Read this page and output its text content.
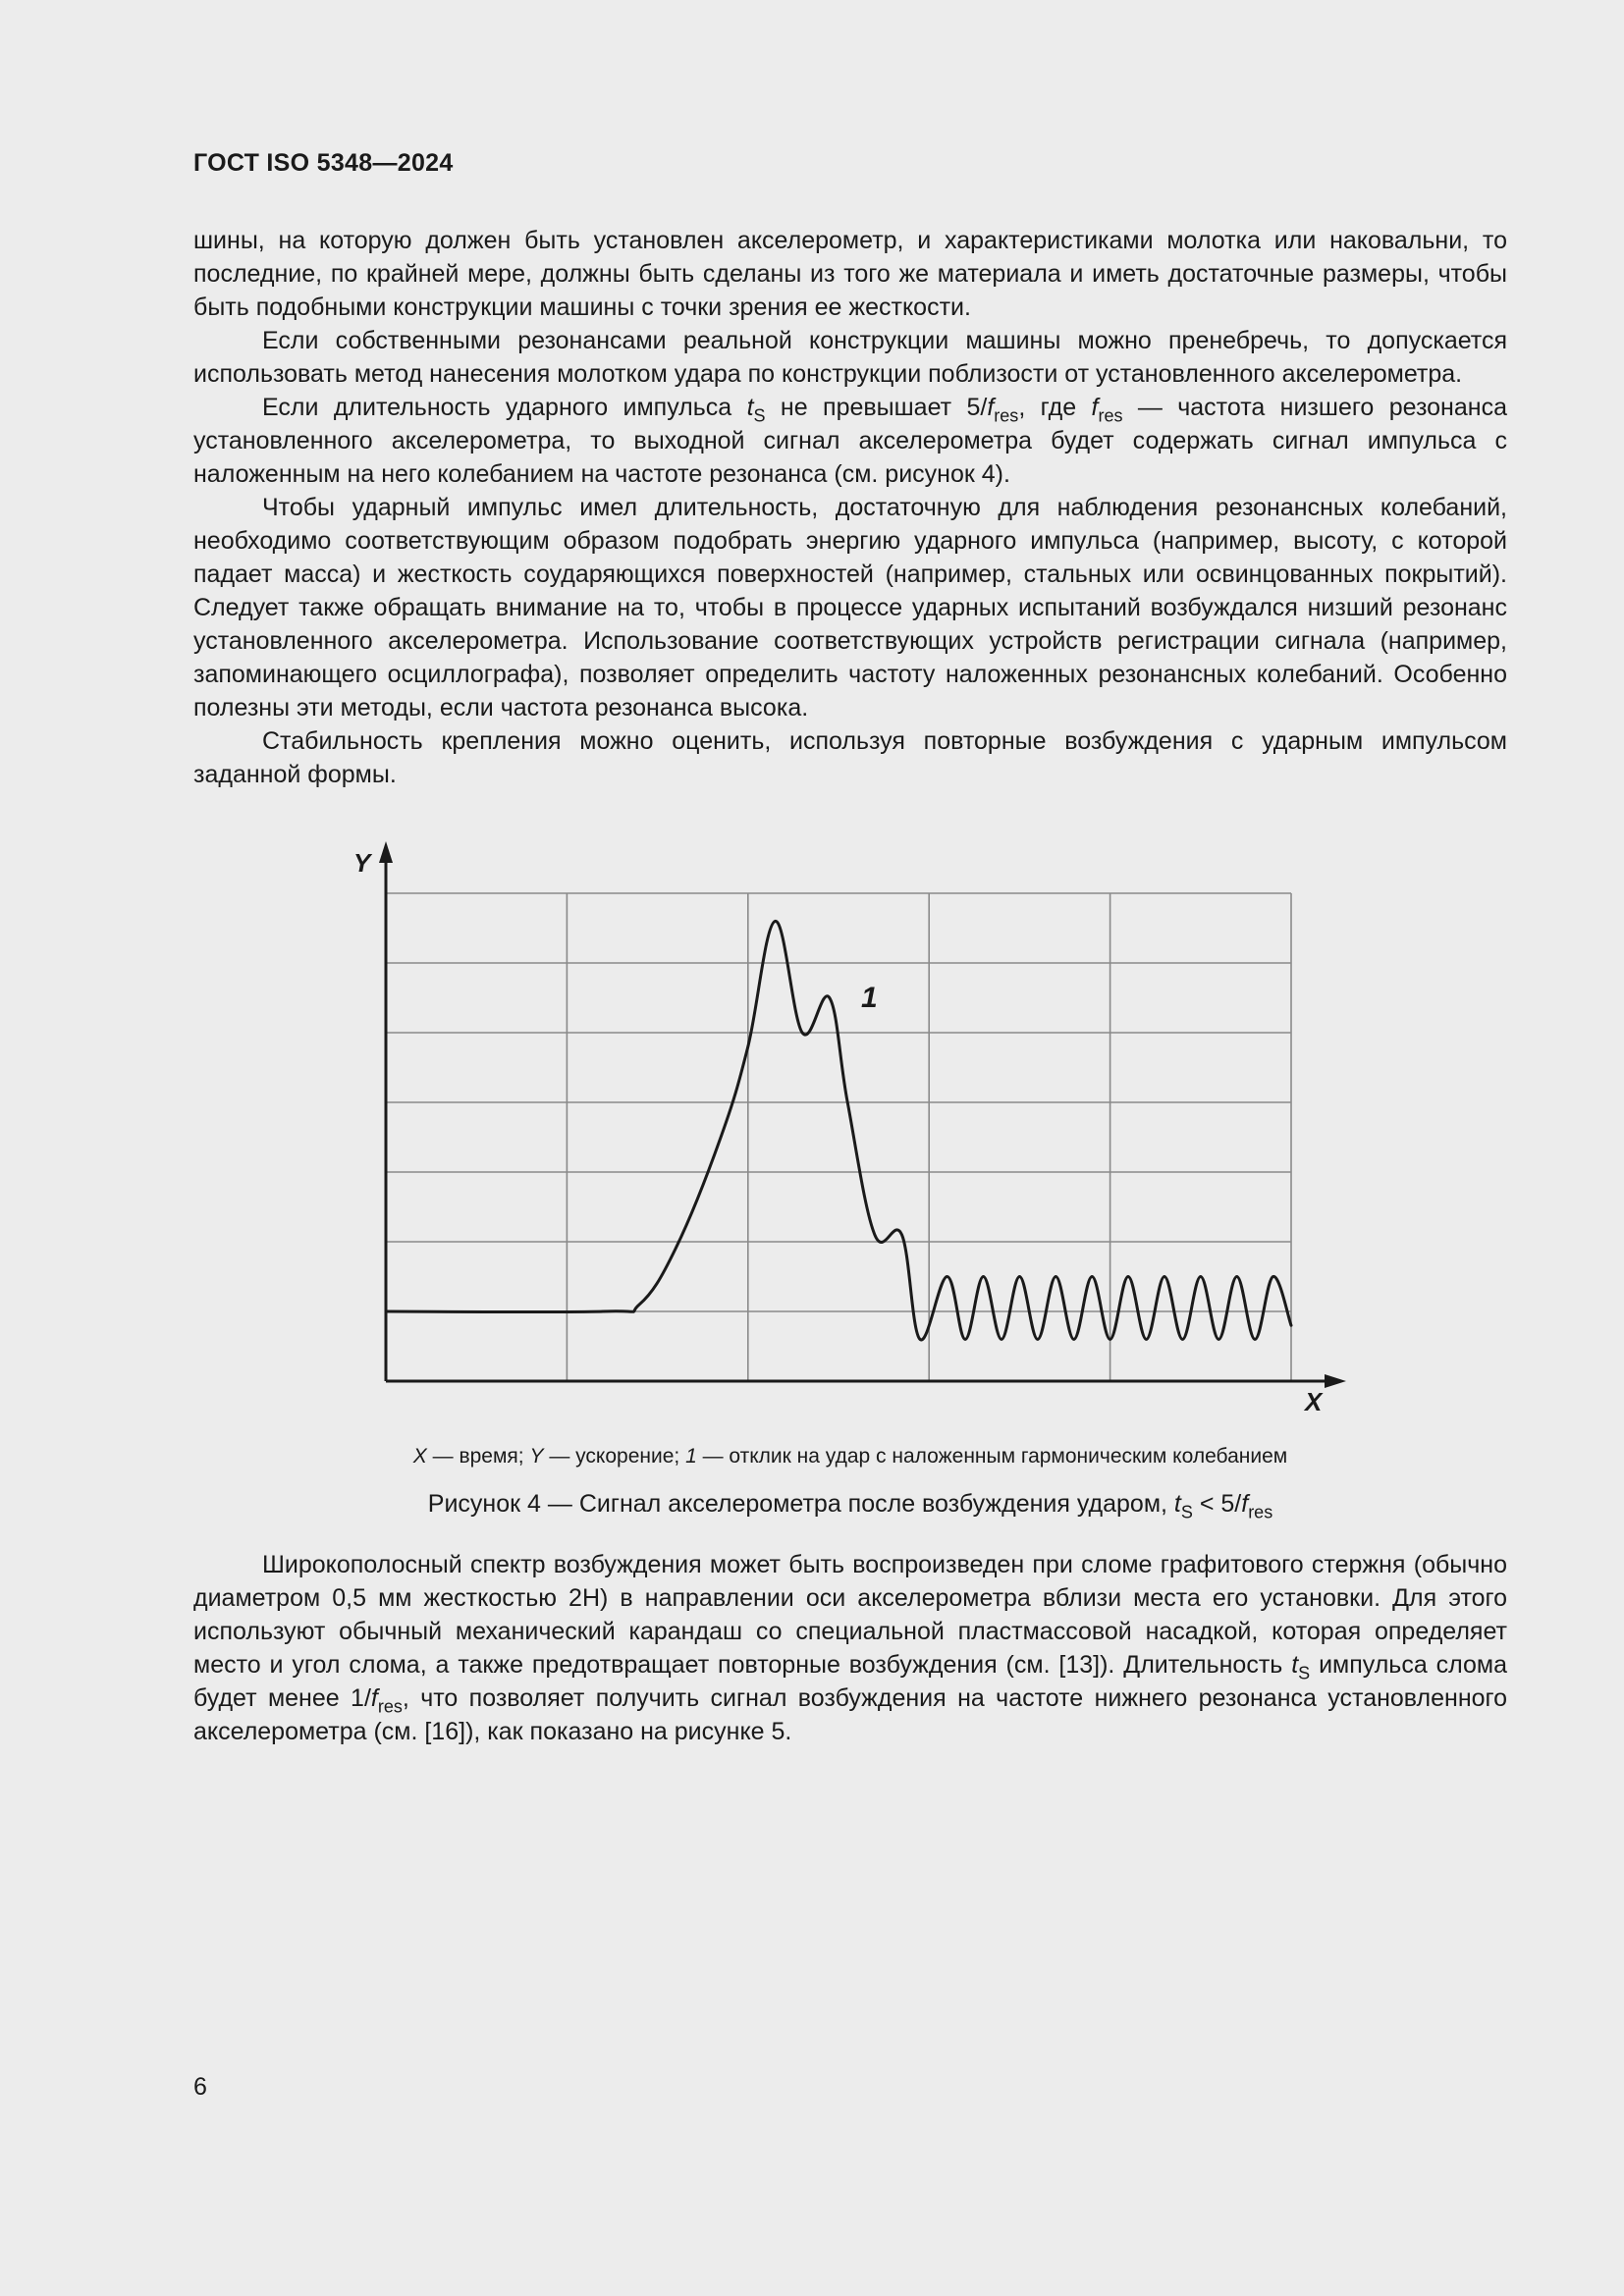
ГОСТ ISO 5348—2024

шины, на которую должен быть установлен акселерометр, и характеристиками молотка или наковальни, то последние, по крайней мере, должны быть сделаны из того же материала и иметь достаточные размеры, чтобы быть подобными конструкции машины с точки зрения ее жесткости.

Если собственными резонансами реальной конструкции машины можно пренебречь, то допускается использовать метод нанесения молотком удара по конструкции поблизости от установленного акселерометра.

Если длительность ударного импульса $t_S$ не превышает $5/f_{res}$, где $f_{res}$ — частота низшего резонанса установленного акселерометра, то выходной сигнал акселерометра будет содержать сигнал импульса с наложенным на него колебанием на частоте резонанса (см. рисунок 4).

Чтобы ударный импульс имел длительность, достаточную для наблюдения резонансных колебаний, необходимо соответствующим образом подобрать энергию ударного импульса (например, высоту, с которой падает масса) и жесткость соударяющихся поверхностей (например, стальных или освинцованных покрытий). Следует также обращать внимание на то, чтобы в процессе ударных испытаний возбуждался низший резонанс установленного акселерометра. Использование соответствующих устройств регистрации сигнала (например, запоминающего осциллографа), позволяет определить частоту наложенных резонансных колебаний. Особенно полезны эти методы, если частота резонанса высока.

Стабильность крепления можно оценить, используя повторные возбуждения с ударным импульсом заданной формы.

Y
X
1
X — время; Y — ускорение; 1 — отклик на удар с наложенным гармоническим колебанием
Рисунок 4 — Сигнал акселерометра после возбуждения ударом, $t_S < 5/f_{res}$

Широкополосный спектр возбуждения может быть воспроизведен при сломе графитового стержня (обычно диаметром 0,5 мм жесткостью 2Н) в направлении оси акселерометра вблизи места его установки. Для этого используют обычный механический карандаш со специальной пластмассовой насадкой, которая определяет место и угол слома, а также предотвращает повторные возбуждения (см. [13]). Длительность $t_S$ импульса слома будет менее $1/f_{res}$, что позволяет получить сигнал возбуждения на частоте нижнего резонанса установленного акселерометра (см. [16]), как показано на рисунке 5.

6
